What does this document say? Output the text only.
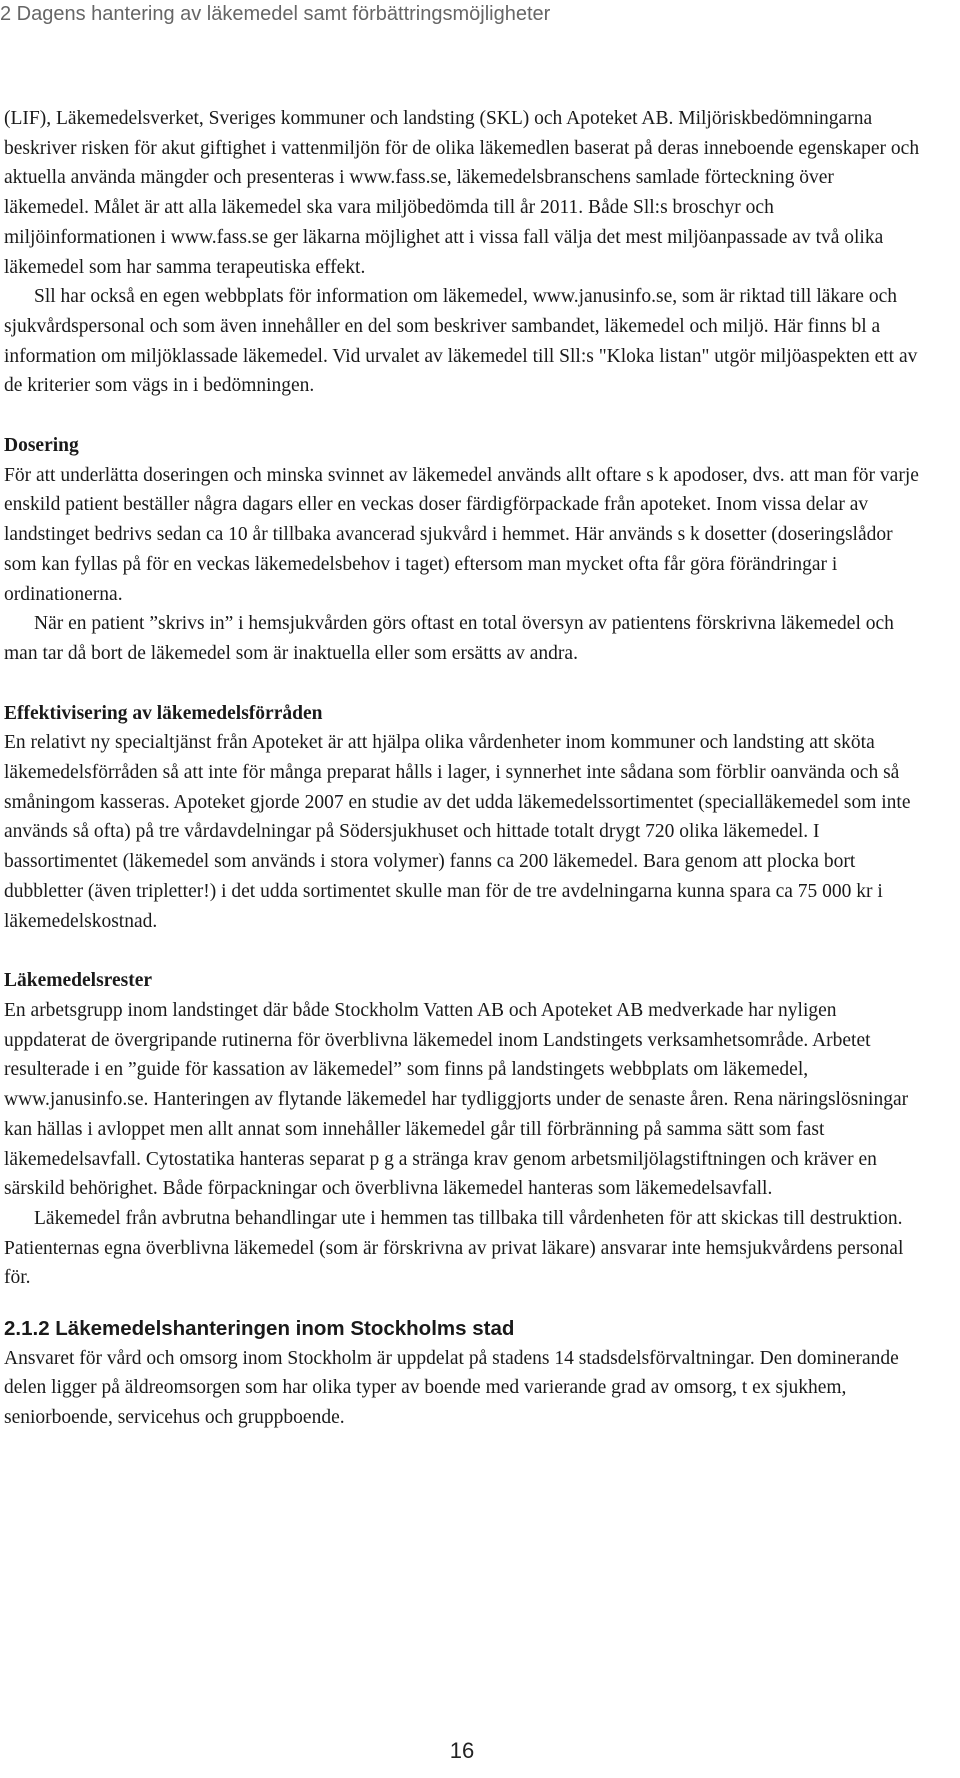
2 Dagens hantering av läkemedel samt förbättringsmöjligheter

(LIF), Läkemedelsverket, Sveriges kommuner och landsting (SKL) och Apoteket AB. Miljöriskbedömningarna beskriver risken för akut giftighet i vattenmiljön för de olika läkemedlen baserat på deras inneboende egenskaper och aktuella använda mängder och presenteras i www.fass.se, läkemedelsbranschens samlade förteckning över läkemedel. Målet är att alla läkemedel ska vara miljöbedömda till år 2011. Både Sll:s broschyr och miljöinformationen i www.fass.se ger läkarna möjlighet att i vissa fall välja det mest miljöanpassade av två olika läkemedel som har samma terapeutiska effekt.

Sll har också en egen webbplats för information om läkemedel, www.janusinfo.se, som är riktad till läkare och sjukvårdspersonal och som även innehåller en del som beskriver sambandet, läkemedel och miljö. Här finns bl a information om miljöklassade läkemedel. Vid urvalet av läkemedel till Sll:s "Kloka listan" utgör miljöaspekten ett av de kriterier som vägs in i bedömningen.

Dosering

För att underlätta doseringen och minska svinnet av läkemedel används allt oftare s k apodoser, dvs. att man för varje enskild patient beställer några dagars eller en veckas doser färdigförpackade från apoteket. Inom vissa delar av landstinget bedrivs sedan ca 10 år tillbaka avancerad sjukvård i hemmet. Här används s k dosetter (doseringslådor som kan fyllas på för en veckas läkemedelsbehov i taget) eftersom man mycket ofta får göra förändringar i ordinationerna.

När en patient ”skrivs in” i hemsjukvården görs oftast en total översyn av patientens förskrivna läkemedel och man tar då bort de läkemedel som är inaktuella eller som ersätts av andra.

Effektivisering av läkemedelsförråden

En relativt ny specialtjänst från Apoteket är att hjälpa olika vårdenheter inom kommuner och landsting att sköta läkemedelsförråden så att inte för många preparat hålls i lager, i synnerhet inte sådana som förblir oanvända och så småningom kasseras. Apoteket gjorde 2007 en studie av det udda läkemedelssortimentet (specialläkemedel som inte används så ofta) på tre vårdavdelningar på Södersjukhuset och hittade totalt drygt 720 olika läkemedel. I bassortimentet (läkemedel som används i stora volymer) fanns ca 200 läkemedel. Bara genom att plocka bort dubbletter (även tripletter!) i det udda sortimentet skulle man för de tre avdelningarna kunna spara ca 75 000 kr i läkemedelskostnad.

Läkemedelsrester

En arbetsgrupp inom landstinget där både Stockholm Vatten AB och Apoteket AB medverkade har nyligen uppdaterat de övergripande rutinerna för överblivna läkemedel inom Landstingets verksamhetsområde. Arbetet resulterade i en ”guide för kassation av läkemedel” som finns på landstingets webbplats om läkemedel, www.janusinfo.se. Hanteringen av flytande läkemedel har tydliggjorts under de senaste åren. Rena näringslösningar kan hällas i avloppet men allt annat som innehåller läkemedel går till förbränning på samma sätt som fast läkemedelsavfall. Cytostatika hanteras separat p g a stränga krav genom arbetsmiljölagstiftningen och kräver en särskild behörighet. Både förpackningar och överblivna läkemedel hanteras som läkemedelsavfall.

Läkemedel från avbrutna behandlingar ute i hemmen tas tillbaka till vårdenheten för att skickas till destruktion. Patienternas egna överblivna läkemedel (som är förskrivna av privat läkare) ansvarar inte hemsjukvårdens personal för.

2.1.2 Läkemedelshanteringen inom Stockholms stad

Ansvaret för vård och omsorg inom Stockholm är uppdelat på stadens 14 stadsdelsförvaltningar. Den dominerande delen ligger på äldreomsorgen som har olika typer av boende med varierande grad av omsorg, t ex sjukhem, seniorboende, servicehus och gruppboende.

16
